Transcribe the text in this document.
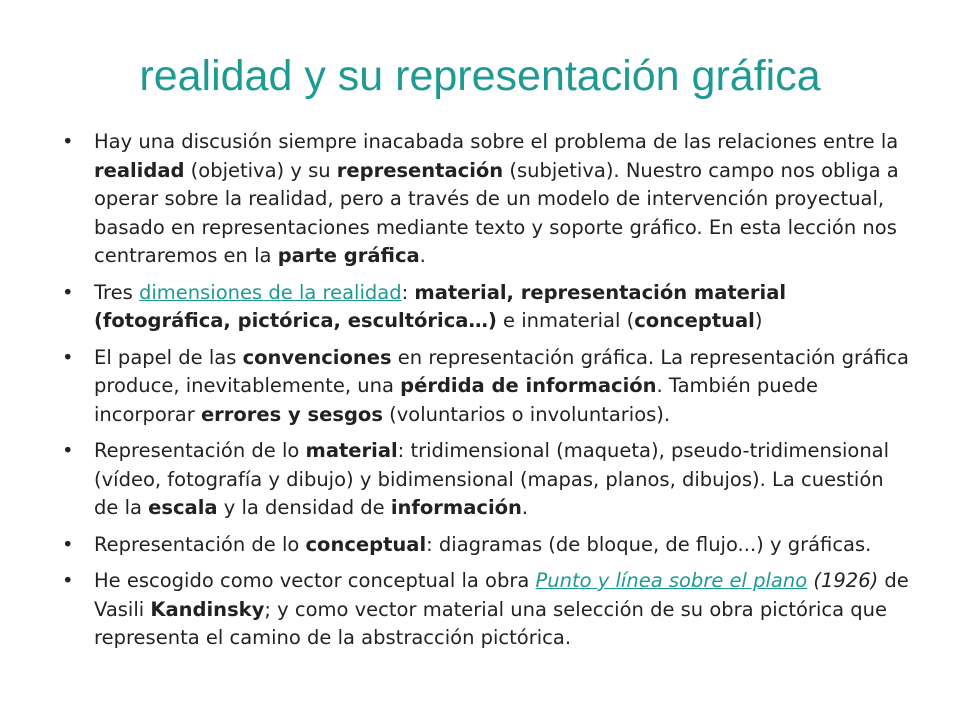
realidad y su representación gráfica
• Hay una discusión siempre inacabada sobre el problema de las relaciones entre la realidad (objetiva) y su representación (subjetiva). Nuestro campo nos obliga a operar sobre la realidad, pero a través de un modelo de intervención proyectual, basado en representaciones mediante texto y soporte gráfico. En esta lección nos centraremos en la parte gráfica.
• Tres dimensiones de la realidad: material, representación material (fotográfica, pictórica, escultórica…) e inmaterial (conceptual)
• El papel de las convenciones en representación gráfica. La representación gráfica produce, inevitablemente, una pérdida de información. También puede incorporar errores y sesgos (voluntarios o involuntarios).
• Representación de lo material: tridimensional (maqueta), pseudo-tridimensional (vídeo, fotografía y dibujo) y bidimensional (mapas, planos, dibujos). La cuestión de la escala y la densidad de información.
• Representación de lo conceptual: diagramas (de bloque, de flujo...) y gráficas.
• He escogido como vector conceptual la obra Punto y línea sobre el plano (1926) de Vasili Kandinsky; y como vector material una selección de su obra pictórica que representa el camino de la abstracción pictórica.
